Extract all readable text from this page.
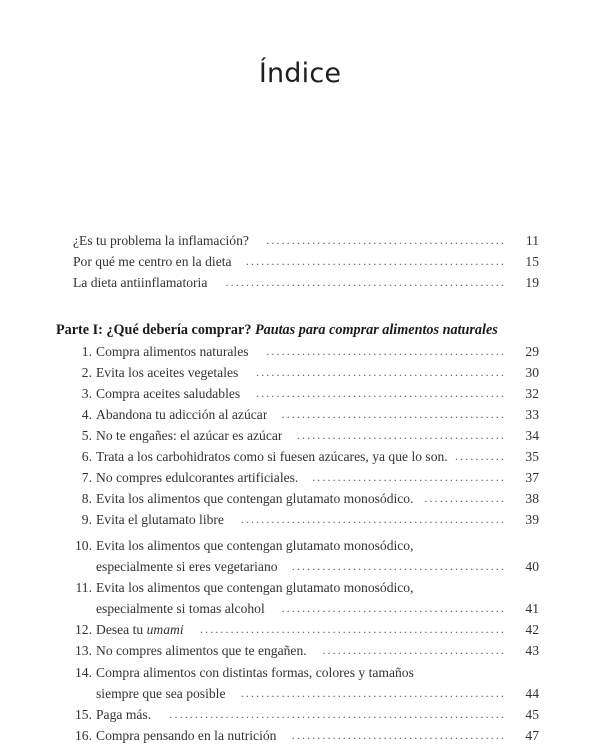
Índice
¿Es tu problema la inflamación?	...............................................	11
Por qué me centro en la dieta	...................................................	15
La dieta antiinflamatoria	.......................................................	19
Parte I: ¿Qué debería comprar? Pautas para comprar alimentos naturales
1. Compra alimentos naturales	...............................................	29
2. Evita los aceites vegetales	.................................................	30
3. Compra aceites saludables	.................................................	32
4. Abandona tu adicción al azúcar	............................................	33
5. No te engañes: el azúcar es azúcar	.........................................	34
6. Trata a los carbohidratos como si fuesen azúcares, ya que lo son. ..........	35
7. No compres edulcorantes artificiales.	......................................	37
8. Evita los alimentos que contengan glutamato monosódico. ................	38
9. Evita el glutamato libre	....................................................	39
10. Evita los alimentos que contengan glutamato monosódico,
especialmente si eres vegetariano	..........................................	40
11. Evita los alimentos que contengan glutamato monosódico,
especialmente si tomas alcohol	............................................	41
12. Desea tu umami	............................................................	42
13. No compres alimentos que te engañen.	....................................	43
14. Compra alimentos con distintas formas, colores y tamaños
siempre que sea posible	....................................................	44
15. Paga más.	..................................................................	45
16. Compra pensando en la nutrición	..........................................	47
